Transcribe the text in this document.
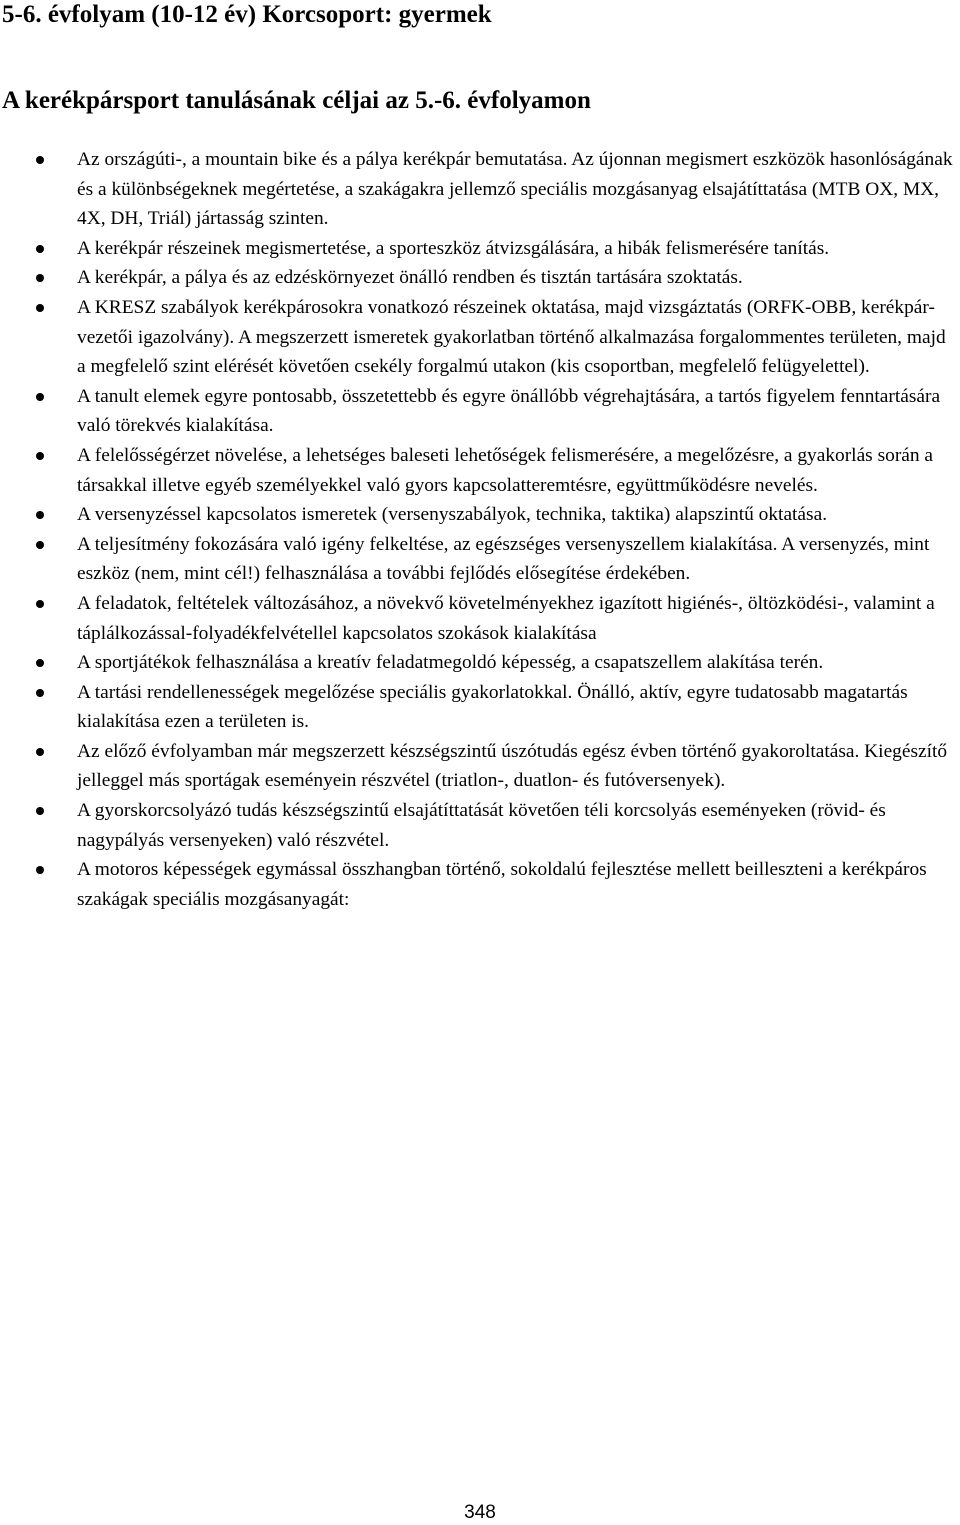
5-6. évfolyam (10-12 év) Korcsoport: gyermek
A kerékpársport tanulásának céljai az 5.-6. évfolyamon
Az országúti-, a mountain bike és a pálya kerékpár bemutatása. Az újonnan megismert eszközök hasonlóságának és a különbségeknek megértetése, a szakágakra jellemző speciális mozgásanyag elsajátíttatása (MTB OX, MX, 4X, DH, Triál) jártasság szinten.
A kerékpár részeinek megismertetése, a sporteszköz átvizsgálására, a hibák felismerésére tanítás.
A kerékpár, a pálya és az edzéskörnyezet önálló rendben és tisztán tartására szoktatás.
A KRESZ szabályok kerékpárosokra vonatkozó részeinek oktatása, majd vizsgáztatás (ORFK-OBB, kerékpár- vezetői igazolvány). A megszerzett ismeretek gyakorlatban történő alkalmazása forgalommentes területen, majd a megfelelő szint elérését követően csekély forgalmú utakon (kis csoportban, megfelelő felügyelettel).
A tanult elemek egyre pontosabb, összetettebb és egyre önállóbb végrehajtására, a tartós figyelem fenntartására való törekvés kialakítása.
A felelősségérzet növelése, a lehetséges baleseti lehetőségek felismerésére, a megelőzésre, a gyakorlás során a társakkal illetve egyéb személyekkel való gyors kapcsolatteremtésre, együttműködésre nevelés.
A versenyzéssel kapcsolatos ismeretek (versenyszabályok, technika, taktika) alapszintű oktatása.
A teljesítmény fokozására való igény felkeltése, az egészséges versenyszellem kialakítása. A versenyzés, mint eszköz (nem, mint cél!) felhasználása a további fejlődés elősegítése érdekében.
A feladatok, feltételek változásához, a növekvő követelményekhez igazított higiénés-, öltözködési-, valamint a táplálkozással-folyadékfelvétellel kapcsolatos szokások kialakítása
A sportjátékok felhasználása a kreatív feladatmegoldó képesség, a csapatszellem alakítása terén.
A tartási rendellenességek megelőzése speciális gyakorlatokkal. Önálló, aktív, egyre tudatosabb magatartás kialakítása ezen a területen is.
Az előző évfolyamban már megszerzett készségszintű úszótudás egész évben történő gyakoroltatása. Kiegészítő jelleggel más sportágak eseményein részvétel (triatlon-, duatlon- és futóversenyek).
A gyorskorcsolyázó tudás készségszintű elsajátíttatását követően téli korcsolyás eseményeken (rövid- és nagypályás versenyeken) való részvétel.
A motoros képességek egymással összhangban történő, sokoldalú fejlesztése mellett beilleszteni a kerékpáros szakágak speciális mozgásanyagát:
348
